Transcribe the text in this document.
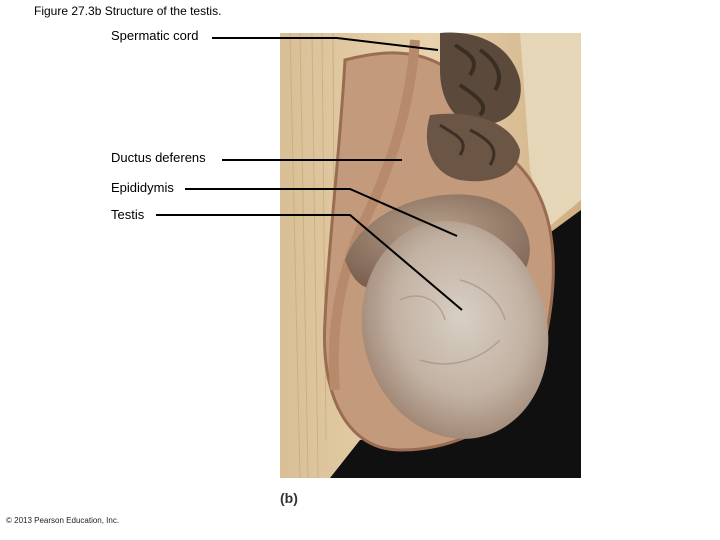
Figure 27.3b Structure of the testis.
Spermatic cord
Ductus deferens
Epididymis
Testis
(b)
© 2013 Pearson Education, Inc.
